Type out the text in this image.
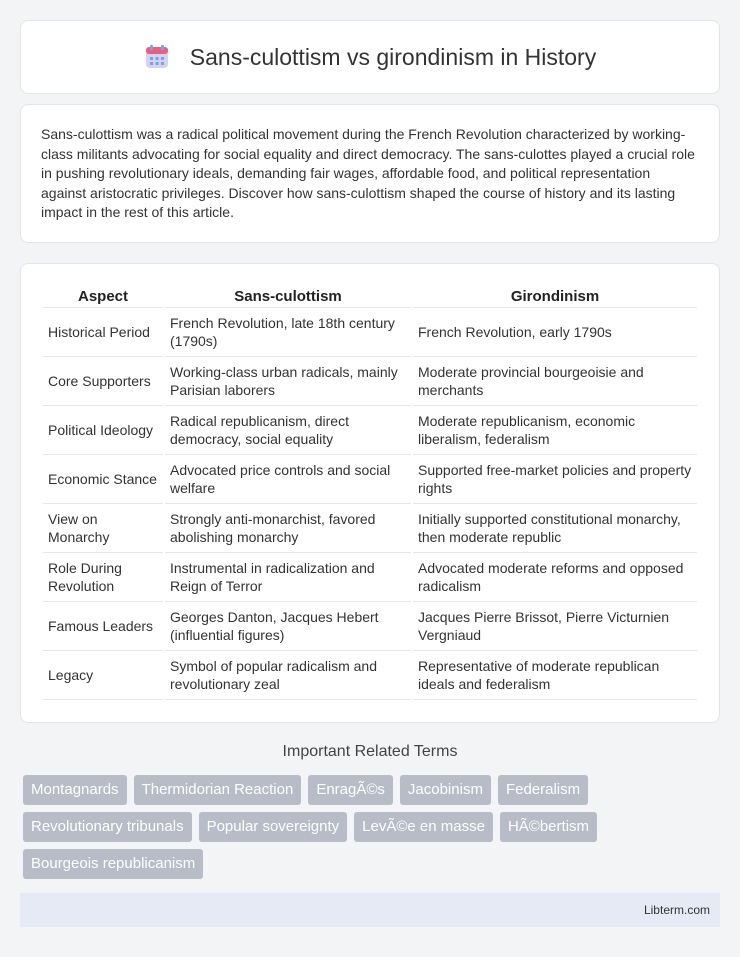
Sans-culottism vs girondinism in History

Sans-culottism was a radical political movement during the French Revolution characterized by working-class militants advocating for social equality and direct democracy. The sans-culottes played a crucial role in pushing revolutionary ideals, demanding fair wages, affordable food, and political representation against aristocratic privileges. Discover how sans-culottism shaped the course of history and its lasting impact in the rest of this article.

Aspect	Sans-culottism	Girondinism
Historical Period	French Revolution, late 18th century (1790s)	French Revolution, early 1790s
Core Supporters	Working-class urban radicals, mainly Parisian laborers	Moderate provincial bourgeoisie and merchants
Political Ideology	Radical republicanism, direct democracy, social equality	Moderate republicanism, economic liberalism, federalism
Economic Stance	Advocated price controls and social welfare	Supported free-market policies and property rights
View on Monarchy	Strongly anti-monarchist, favored abolishing monarchy	Initially supported constitutional monarchy, then moderate republic
Role During Revolution	Instrumental in radicalization and Reign of Terror	Advocated moderate reforms and opposed radicalism
Famous Leaders	Georges Danton, Jacques Hebert (influential figures)	Jacques Pierre Brissot, Pierre Victurnien Vergniaud
Legacy	Symbol of popular radicalism and revolutionary zeal	Representative of moderate republican ideals and federalism
Important Related Terms
Montagnards	Thermidorian Reaction	EnragÃ©s	Jacobinism	Federalism
Revolutionary tribunals	Popular sovereignty	LevÃ©e en masse	HÃ©bertism
Bourgeois republicanism
Libterm.com
